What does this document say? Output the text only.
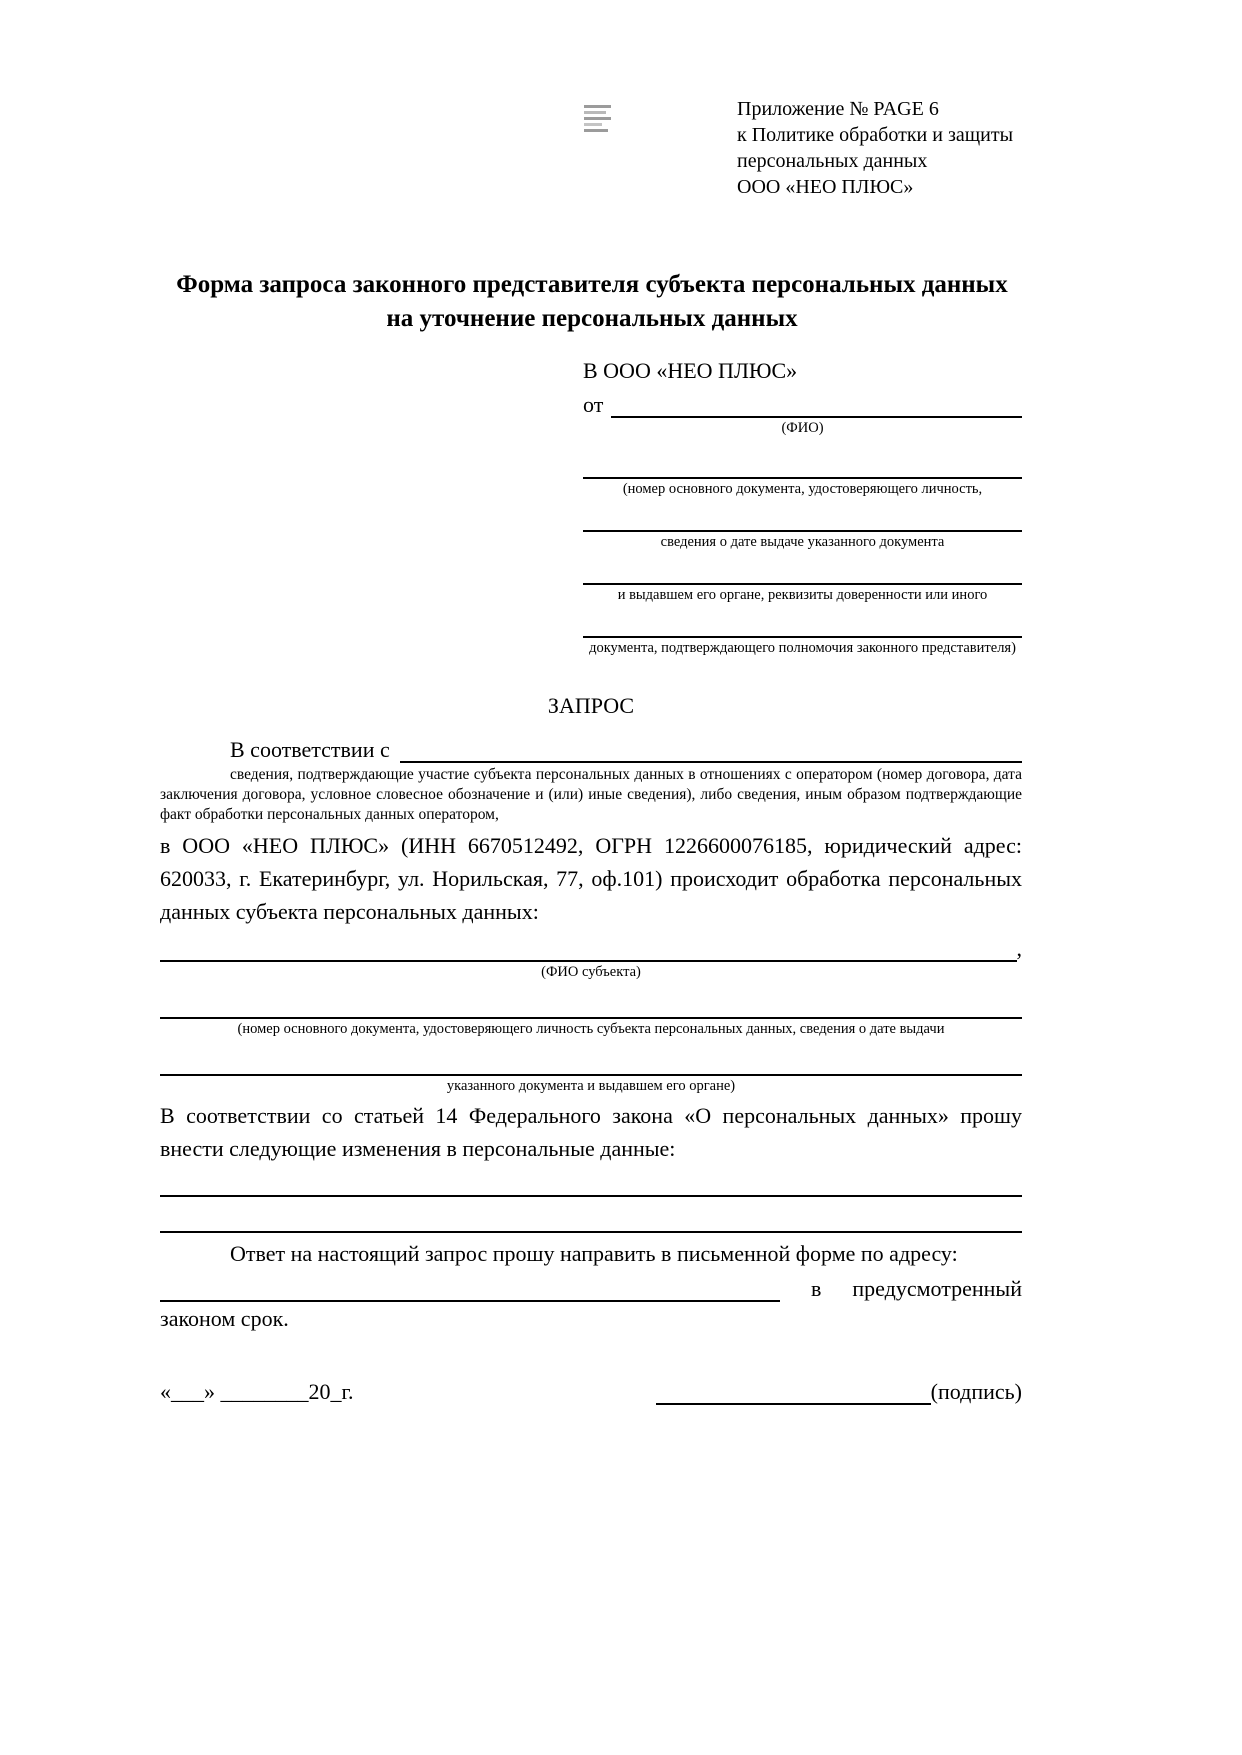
Приложение № PAGE 6
к Политике обработки и защиты
персональных данных
ООО «НЕО ПЛЮС»
Форма запроса законного представителя субъекта персональных данных
на уточнение персональных данных
В ООО «НЕО ПЛЮС»
от
(ФИО)
(номер основного документа, удостоверяющего личность,
сведения о дате выдаче указанного документа
и выдавшем его органе, реквизиты доверенности или иного
документа, подтверждающего полномочия законного представителя)
ЗАПРОС
В соответствии с
сведения, подтверждающие участие субъекта персональных данных в отношениях с оператором (номер договора, дата заключения договора, условное словесное обозначение и (или) иные сведения), либо сведения, иным образом подтверждающие факт обработки персональных данных оператором,
в ООО «НЕО ПЛЮС» (ИНН 6670512492, ОГРН 1226600076185, юридический адрес: 620033, г. Екатеринбург, ул. Норильская, 77, оф.101) происходит обработка персональных данных субъекта персональных данных:
,
(ФИО субъекта)
(номер основного документа, удостоверяющего личность субъекта персональных данных, сведения о дате выдачи
указанного документа и выдавшем его органе)
В соответствии со статьей 14 Федерального закона «О персональных данных» прошу внести следующие изменения в персональные данные:
Ответ на настоящий запрос прошу направить в письменной форме по адресу:
в предусмотренный
законом срок.
«___» ________20_г.	(подпись)
